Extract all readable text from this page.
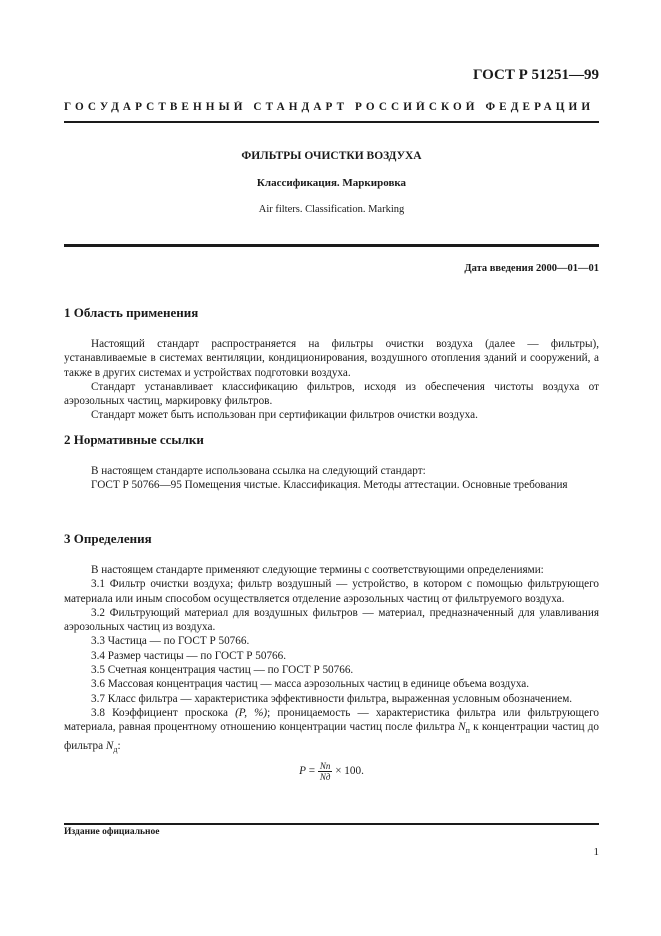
ГОСТ Р 51251—99
ГОСУДАРСТВЕННЫЙ СТАНДАРТ РОССИЙСКОЙ ФЕДЕРАЦИИ
ФИЛЬТРЫ ОЧИСТКИ ВОЗДУХА
Классификация. Маркировка
Air filters. Classification. Marking
Дата введения 2000—01—01
1 Область применения

Настоящий стандарт распространяется на фильтры очистки воздуха (далее — фильтры), устанавливаемые в системах вентиляции, кондиционирования, воздушного отопления зданий и сооружений, а также в других системах и устройствах подготовки воздуха.

Стандарт устанавливает классификацию фильтров, исходя из обеспечения чистоты воздуха от аэрозольных частиц, маркировку фильтров.

Стандарт может быть использован при сертификации фильтров очистки воздуха.

2 Нормативные ссылки

В настоящем стандарте использована ссылка на следующий стандарт:

ГОСТ Р 50766—95 Помещения чистые. Классификация. Методы аттестации. Основные требования

3 Определения

В настоящем стандарте применяют следующие термины с соответствующими определениями:

3.1 Фильтр очистки воздуха; фильтр воздушный — устройство, в котором с помощью фильтрующего материала или иным способом осуществляется отделение аэрозольных частиц от фильтруемого воздуха.

3.2 Фильтрующий материал для воздушных фильтров — материал, предназначенный для улавливания аэрозольных частиц из воздуха.

3.3 Частица — по ГОСТ Р 50766.

3.4 Размер частицы — по ГОСТ Р 50766.

3.5 Счетная концентрация частиц — по ГОСТ Р 50766.

3.6 Массовая концентрация частиц — масса аэрозольных частиц в единице объема воздуха.

3.7 Класс фильтра — характеристика эффективности фильтра, выраженная условным обозначением.

3.8 Коэффициент проскока (P, %); проницаемость — характеристика фильтра или фильтрующего материала, равная процентному отношению концентрации частиц после фильтра $N_п$ к концентрации частиц до фильтра $N_д$:

$P = \frac{Nп}{Nд} \times 100$.
Издание официальное
1
